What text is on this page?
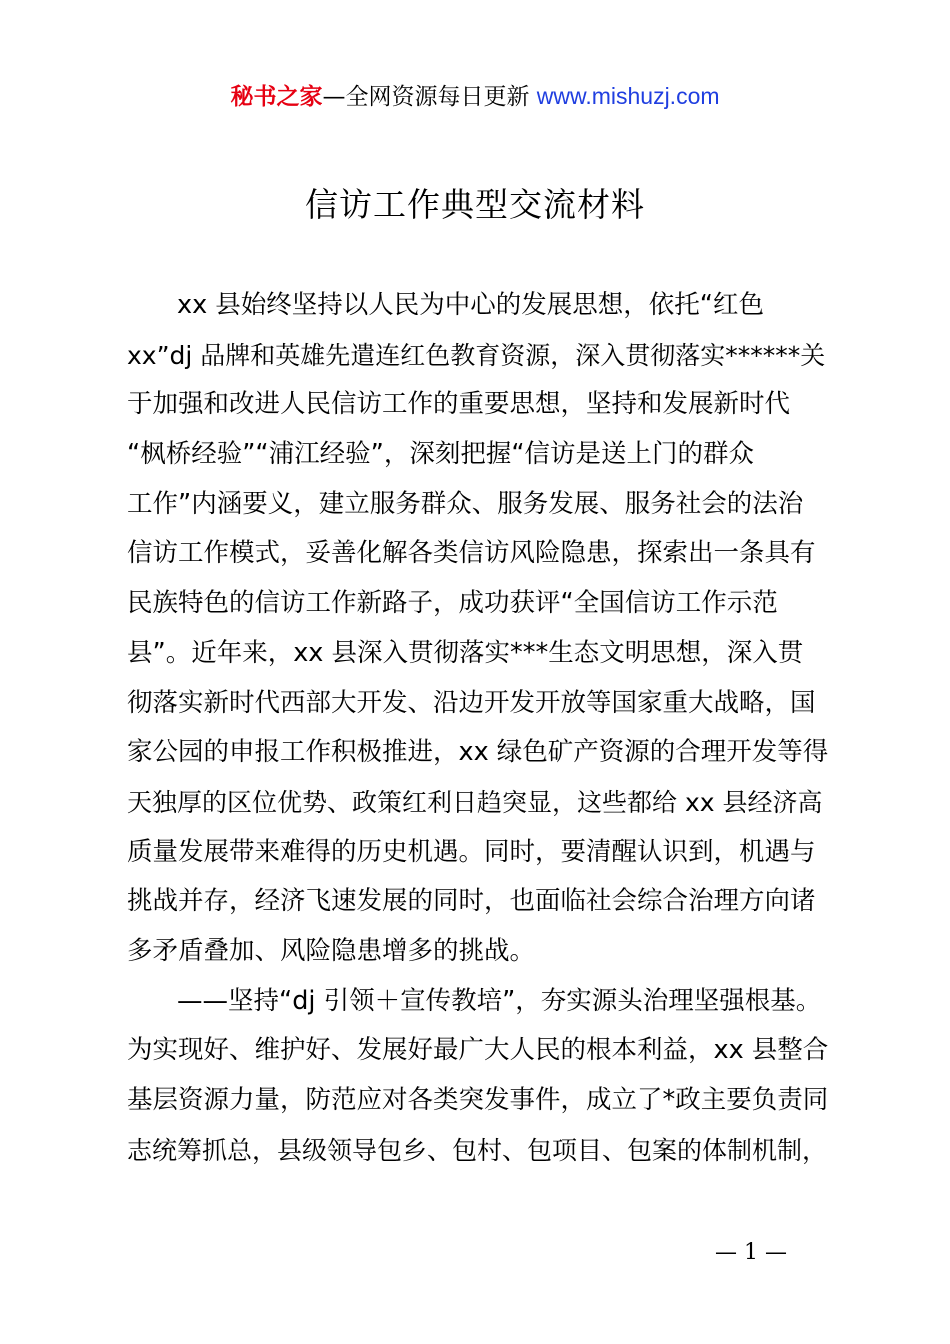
秘书之家—全网资源每日更新 www.mishuzj.com
信访工作典型交流材料
xx 县始终坚持以人民为中心的发展思想，依托“红色
xx”dj 品牌和英雄先遣连红色教育资源，深入贯彻落实******关
于加强和改进人民信访工作的重要思想，坚持和发展新时代
“枫桥经验”“浦江经验”，深刻把握“信访是送上门的群众
工作”内涵要义，建立服务群众、服务发展、服务社会的法治
信访工作模式，妥善化解各类信访风险隐患，探索出一条具有
民族特色的信访工作新路子，成功获评“全国信访工作示范
县”。近年来，xx 县深入贯彻落实***生态文明思想，深入贯
彻落实新时代西部大开发、沿边开发开放等国家重大战略，国
家公园的申报工作积极推进，xx 绿色矿产资源的合理开发等得
天独厚的区位优势、政策红利日趋突显，这些都给 xx 县经济高
质量发展带来难得的历史机遇。同时，要清醒认识到，机遇与
挑战并存，经济飞速发展的同时，也面临社会综合治理方向诸
多矛盾叠加、风险隐患增多的挑战。
——坚持“dj 引领＋宣传教培”，夯实源头治理坚强根基。
为实现好、维护好、发展好最广大人民的根本利益，xx 县整合
基层资源力量，防范应对各类突发事件，成立了*政主要负责同
志统筹抓总，县级领导包乡、包村、包项目、包案的体制机制，
— 1 —
